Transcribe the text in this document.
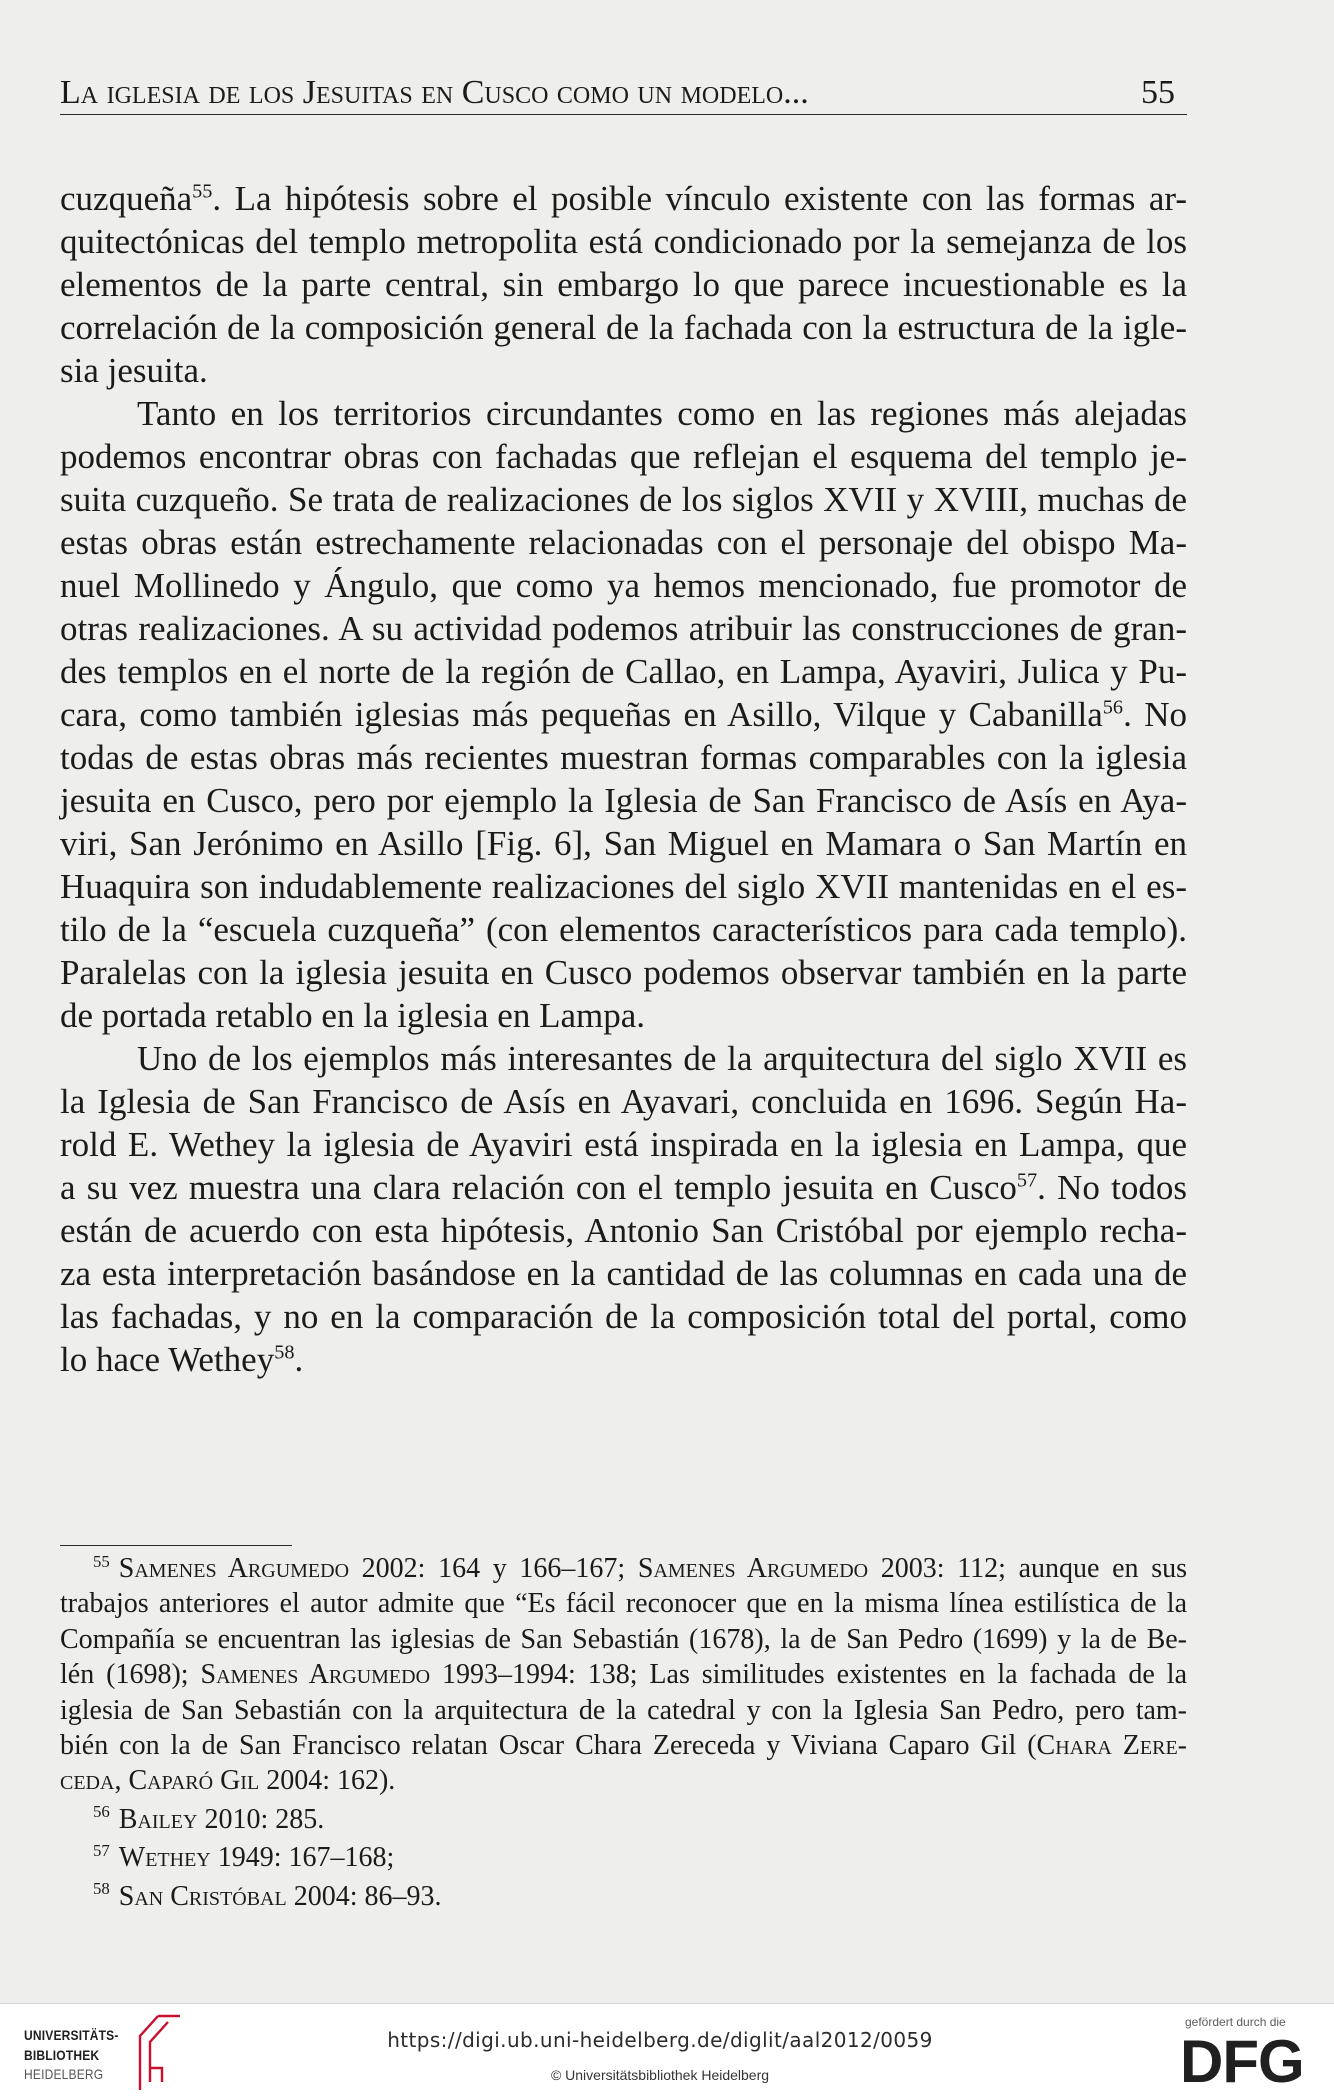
La iglesia de los Jesuitas en Cusco como un modelo...	55
cuzqueña$^{55}$. La hipótesis sobre el posible vínculo existente con las formas ar-
quitectónicas del templo metropolita está condicionado por la semejanza de los
elementos de la parte central, sin embargo lo que parece incuestionable es la
correlación de la composición general de la fachada con la estructura de la igle-
sia jesuita.
Tanto en los territorios circundantes como en las regiones más alejadas
podemos encontrar obras con fachadas que reflejan el esquema del templo je-
suita cuzqueño. Se trata de realizaciones de los siglos XVII y XVIII, muchas de
estas obras están estrechamente relacionadas con el personaje del obispo Ma-
nuel Mollinedo y Ángulo, que como ya hemos mencionado, fue promotor de
otras realizaciones. A su actividad podemos atribuir las construcciones de gran-
des templos en el norte de la región de Callao, en Lampa, Ayaviri, Julica y Pu-
cara, como también iglesias más pequeñas en Asillo, Vilque y Cabanilla$^{56}$. No
todas de estas obras más recientes muestran formas comparables con la iglesia
jesuita en Cusco, pero por ejemplo la Iglesia de San Francisco de Asís en Aya-
viri, San Jerónimo en Asillo [Fig. 6], San Miguel en Mamara o San Martín en
Huaquira son indudablemente realizaciones del siglo XVII mantenidas en el es-
tilo de la “escuela cuzqueña” (con elementos característicos para cada templo).
Paralelas con la iglesia jesuita en Cusco podemos observar también en la parte
de portada retablo en la iglesia en Lampa.
Uno de los ejemplos más interesantes de la arquitectura del siglo XVII es
la Iglesia de San Francisco de Asís en Ayavari, concluida en 1696. Según Ha-
rold E. Wethey la iglesia de Ayaviri está inspirada en la iglesia en Lampa, que
a su vez muestra una clara relación con el templo jesuita en Cusco$^{57}$. No todos
están de acuerdo con esta hipótesis, Antonio San Cristóbal por ejemplo recha-
za esta interpretación basándose en la cantidad de las columnas en cada una de
las fachadas, y no en la comparación de la composición total del portal, como
lo hace Wethey$^{58}$.
$^{55}$ Samenes Argumedo 2002: 164 y 166–167; Samenes Argumedo 2003: 112; aunque en sus
trabajos anteriores el autor admite que “Es fácil reconocer que en la misma línea estilística de la
Compañía se encuentran las iglesias de San Sebastián (1678), la de San Pedro (1699) y la de Be-
lén (1698); Samenes Argumedo 1993–1994: 138; Las similitudes existentes en la fachada de la
iglesia de San Sebastián con la arquitectura de la catedral y con la Iglesia San Pedro, pero tam-
bién con la de San Francisco relatan Oscar Chara Zereceda y Viviana Caparo Gil (Chara Zere-
ceda, Caparó Gil 2004: 162).
$^{56}$ Bailey 2010: 285.
$^{57}$ Wethey 1949: 167–168;
$^{58}$ San Cristóbal 2004: 86–93.
UNIVERSITÄTS-
BIBLIOTHEK
HEIDELBERG
https://digi.ub.uni-heidelberg.de/diglit/aal2012/0059
© Universitätsbibliothek Heidelberg
gefördert durch die
DFG
